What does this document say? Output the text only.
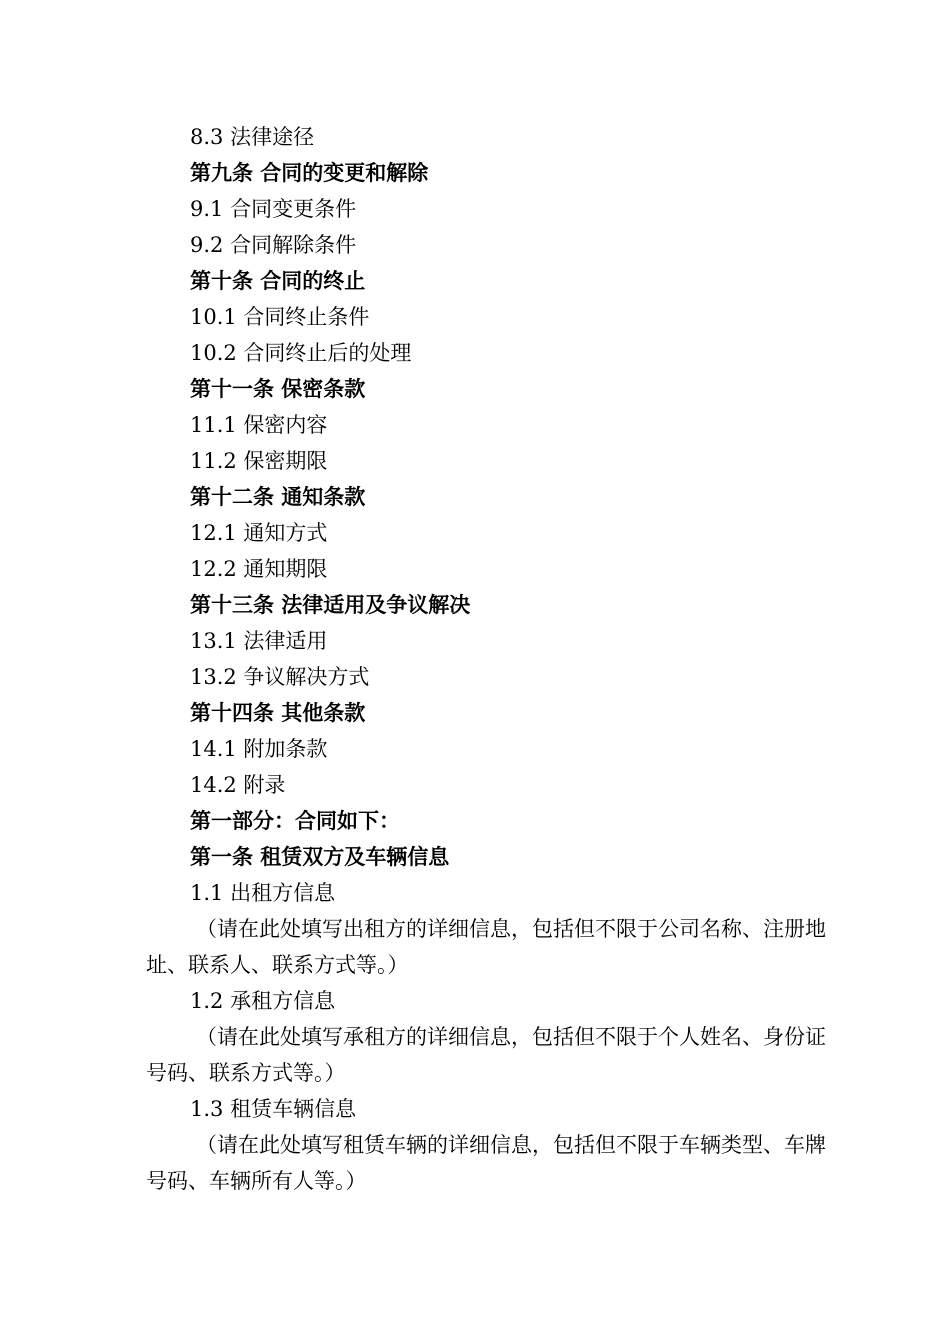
8.3 法律途径
第九条 合同的变更和解除
9.1 合同变更条件
9.2 合同解除条件
第十条 合同的终止
10.1 合同终止条件
10.2 合同终止后的处理
第十一条 保密条款
11.1 保密内容
11.2 保密期限
第十二条 通知条款
12.1 通知方式
12.2 通知期限
第十三条 法律适用及争议解决
13.1 法律适用
13.2 争议解决方式
第十四条 其他条款
14.1 附加条款
14.2 附录
第一部分：合同如下：
第一条 租赁双方及车辆信息
1.1 出租方信息
（请在此处填写出租方的详细信息，包括但不限于公司名称、注册地址、联系人、联系方式等。）
1.2 承租方信息
（请在此处填写承租方的详细信息，包括但不限于个人姓名、身份证号码、联系方式等。）
1.3 租赁车辆信息
（请在此处填写租赁车辆的详细信息，包括但不限于车辆类型、车牌号码、车辆所有人等。）
